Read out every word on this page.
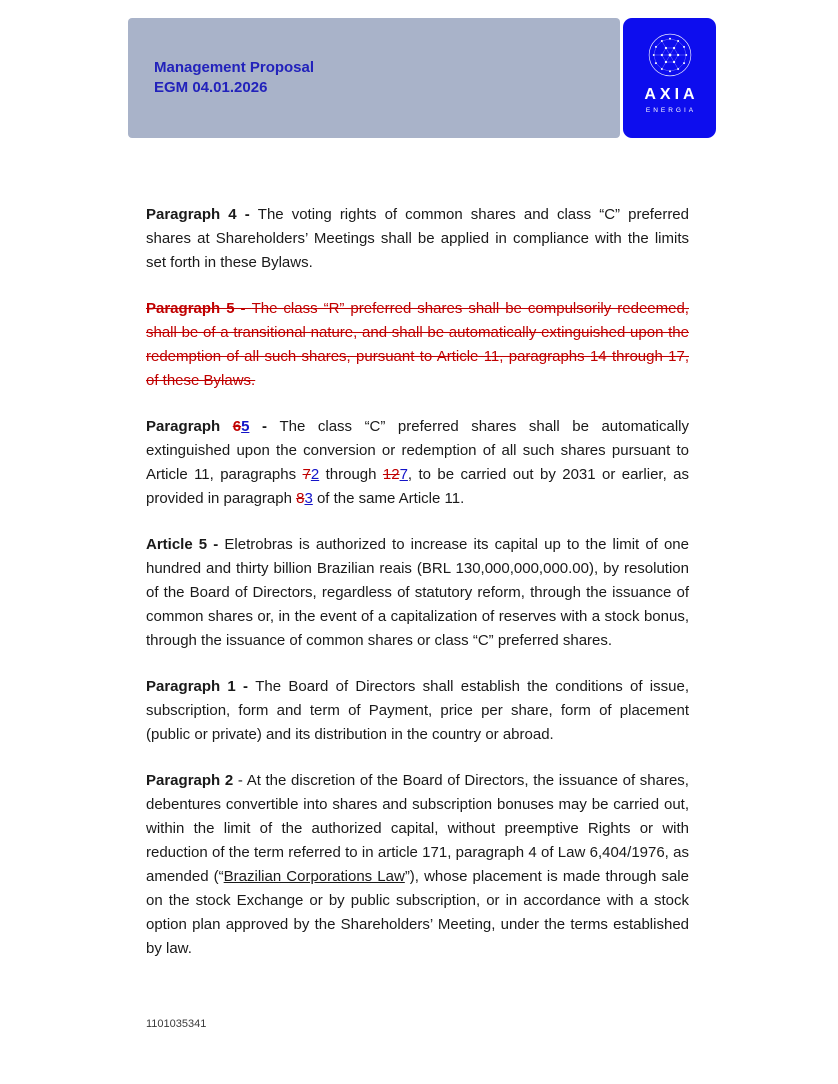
Management Proposal
EGM 04.01.2026	AXIA
ENERGIA
Paragraph 4 - The voting rights of common shares and class “C” preferred shares at Shareholders’ Meetings shall be applied in compliance with the limits set forth in these Bylaws.
Paragraph 5 - The class “R” preferred shares shall be compulsorily redeemed, shall be of a transitional nature, and shall be automatically extinguished upon the redemption of all such shares, pursuant to Article 11, paragraphs 14 through 17, of these Bylaws.
Paragraph 65 - The class “C” preferred shares shall be automatically extinguished upon the conversion or redemption of all such shares pursuant to Article 11, paragraphs 72 through 127, to be carried out by 2031 or earlier, as provided in paragraph 83 of the same Article 11.
Article 5 - Eletrobras is authorized to increase its capital up to the limit of one hundred and thirty billion Brazilian reais (BRL 130,000,000,000.00), by resolution of the Board of Directors, regardless of statutory reform, through the issuance of common shares or, in the event of a capitalization of reserves with a stock bonus, through the issuance of common shares or class “C” preferred shares.
Paragraph 1 - The Board of Directors shall establish the conditions of issue, subscription, form and term of Payment, price per share, form of placement (public or private) and its distribution in the country or abroad.
Paragraph 2 - At the discretion of the Board of Directors, the issuance of shares, debentures convertible into shares and subscription bonuses may be carried out, within the limit of the authorized capital, without preemptive Rights or with reduction of the term referred to in article 171, paragraph 4 of Law 6,404/1976, as amended (“Brazilian Corporations Law”), whose placement is made through sale on the stock Exchange or by public subscription, or in accordance with a stock option plan approved by the Shareholders’ Meeting, under the terms established by law.
1101035341
